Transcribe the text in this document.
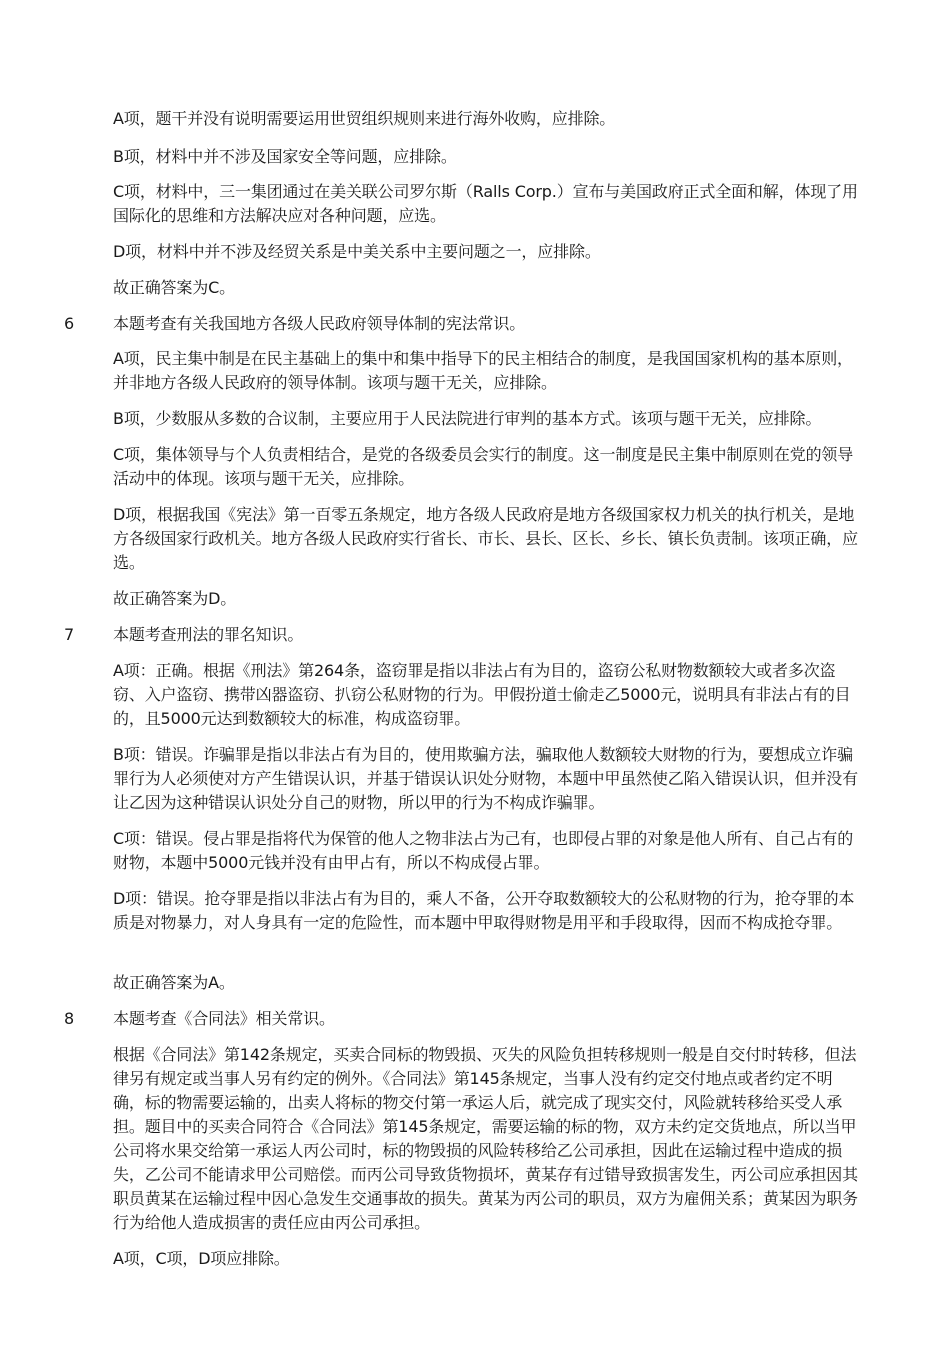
A项，题干并没有说明需要运用世贸组织规则来进行海外收购，应排除。

B项，材料中并不涉及国家安全等问题，应排除。

C项，材料中，三一集团通过在美关联公司罗尔斯（Ralls Corp.）宣布与美国政府正式全面和解，体现了用国际化的思维和方法解决应对各种问题，应选。

D项，材料中并不涉及经贸关系是中美关系中主要问题之一，应排除。

故正确答案为C。

6 本题考查有关我国地方各级人民政府领导体制的宪法常识。

A项，民主集中制是在民主基础上的集中和集中指导下的民主相结合的制度，是我国国家机构的基本原则，并非地方各级人民政府的领导体制。该项与题干无关，应排除。

B项，少数服从多数的合议制，主要应用于人民法院进行审判的基本方式。该项与题干无关，应排除。

C项，集体领导与个人负责相结合，是党的各级委员会实行的制度。这一制度是民主集中制原则在党的领导活动中的体现。该项与题干无关，应排除。

D项，根据我国《宪法》第一百零五条规定，地方各级人民政府是地方各级国家权力机关的执行机关，是地方各级国家行政机关。地方各级人民政府实行省长、市长、县长、区长、乡长、镇长负责制。该项正确，应选。

故正确答案为D。

7 本题考查刑法的罪名知识。

A项：正确。根据《刑法》第264条，盗窃罪是指以非法占有为目的，盗窃公私财物数额较大或者多次盗窃、入户盗窃、携带凶器盗窃、扒窃公私财物的行为。甲假扮道士偷走乙5000元，说明具有非法占有的目的，且5000元达到数额较大的标准，构成盗窃罪。

B项：错误。诈骗罪是指以非法占有为目的，使用欺骗方法，骗取他人数额较大财物的行为，要想成立诈骗罪行为人必须使对方产生错误认识，并基于错误认识处分财物，本题中甲虽然使乙陷入错误认识，但并没有让乙因为这种错误认识处分自己的财物，所以甲的行为不构成诈骗罪。

C项：错误。侵占罪是指将代为保管的他人之物非法占为己有，也即侵占罪的对象是他人所有、自己占有的财物，本题中5000元钱并没有由甲占有，所以不构成侵占罪。

D项：错误。抢夺罪是指以非法占有为目的，乘人不备，公开夺取数额较大的公私财物的行为，抢夺罪的本质是对物暴力，对人身具有一定的危险性，而本题中甲取得财物是用平和手段取得，因而不构成抢夺罪。

故正确答案为A。

8 本题考查《合同法》相关常识。

根据《合同法》第142条规定，买卖合同标的物毁损、灭失的风险负担转移规则一般是自交付时转移，但法律另有规定或当事人另有约定的例外。《合同法》第145条规定，当事人没有约定交付地点或者约定不明确，标的物需要运输的，出卖人将标的物交付第一承运人后，就完成了现实交付，风险就转移给买受人承担。题目中的买卖合同符合《合同法》第145条规定，需要运输的标的物，双方未约定交货地点，所以当甲公司将水果交给第一承运人丙公司时，标的物毁损的风险转移给乙公司承担，因此在运输过程中造成的损失，乙公司不能请求甲公司赔偿。而丙公司导致货物损坏，黄某存有过错导致损害发生，丙公司应承担因其职员黄某在运输过程中因心急发生交通事故的损失。黄某为丙公司的职员，双方为雇佣关系；黄某因为职务行为给他人造成损害的责任应由丙公司承担。

A项，C项，D项应排除。
